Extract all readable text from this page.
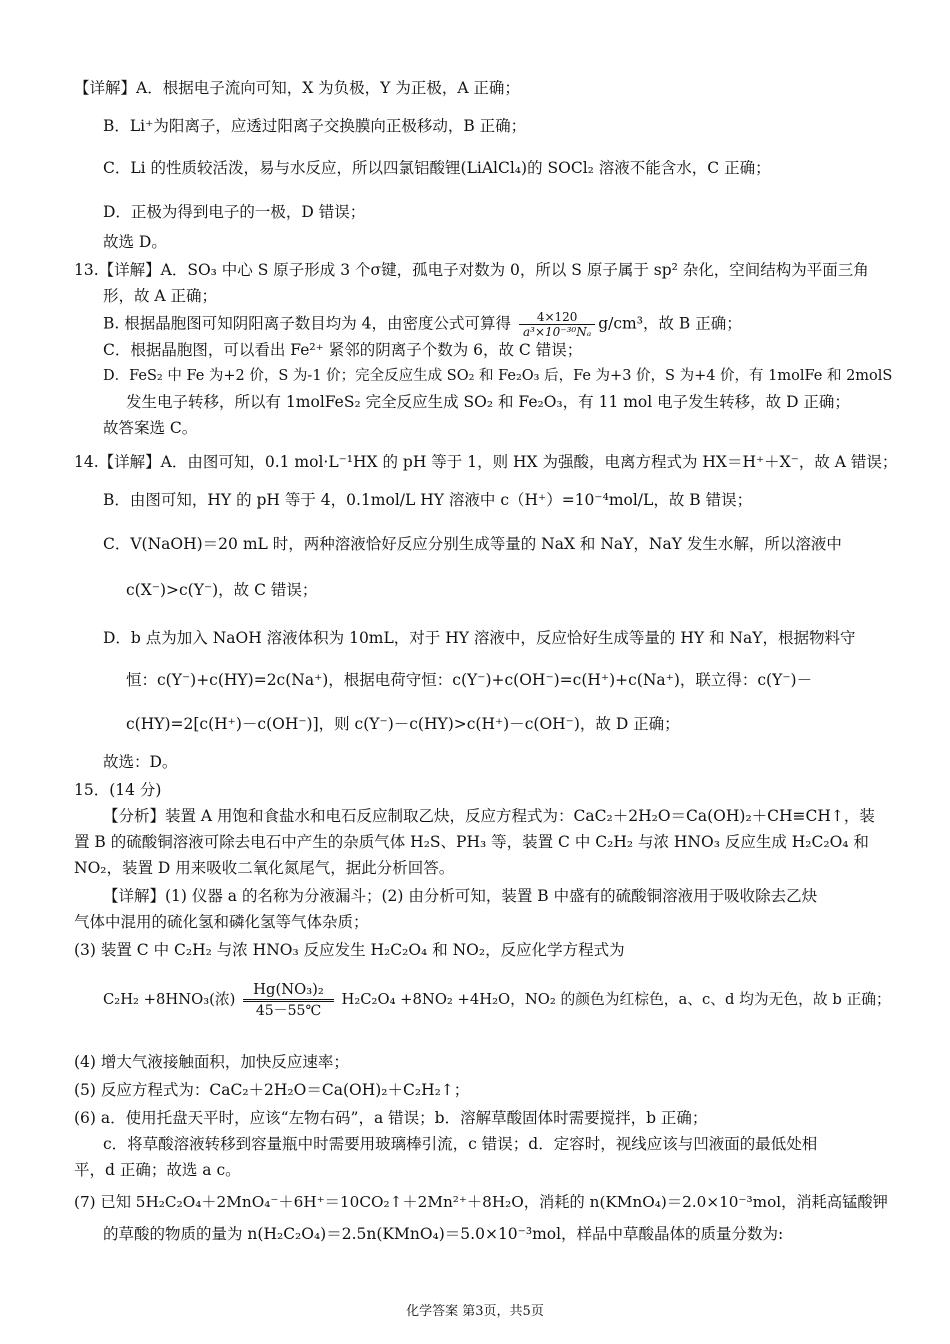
【详解】A．根据电子流向可知，X 为负极，Y 为正极，A 正确；
B．Li⁺为阳离子，应透过阳离子交换膜向正极移动，B 正确；
C．Li 的性质较活泼，易与水反应，所以四氯铝酸锂(LiAlCl₄)的 SOCl₂ 溶液不能含水，C 正确；
D．正极为得到电子的一极，D 错误；
故选 D。
13.【详解】A．SO₃ 中心 S 原子形成 3 个σ键，孤电子对数为 0，所以 S 原子属于 sp² 杂化，空间结构为平面三角
形，故 A 正确；
B. 根据晶胞图可知阴阳离子数目均为 4，由密度公式可算得 $\frac{4\times 120}{\text{a³×10⁻³⁰Nₐ}} g/cm^3$，故 B 正确；
C．根据晶胞图，可以看出 Fe²⁺ 紧邻的阴离子个数为 6，故 C 错误；
D．FeS₂ 中 Fe 为+2 价，S 为-1 价；完全反应生成 SO₂ 和 Fe₂O₃ 后，Fe 为+3 价，S 为+4 价，有 1molFe 和 2molS
发生电子转移，所以有 1molFeS₂ 完全反应生成 SO₂ 和 Fe₂O₃，有 11 mol 电子发生转移，故 D 正确；
故答案选 C。
14.【详解】A．由图可知，0.1 mol·L⁻¹HX 的 pH 等于 1，则 HX 为强酸，电离方程式为 HX＝H⁺＋X⁻，故 A 错误；
B．由图可知，HY 的 pH 等于 4，0.1mol/L HY 溶液中 c（H⁺）=10⁻⁴mol/L，故 B 错误；
C．V(NaOH)＝20 mL 时，两种溶液恰好反应分别生成等量的 NaX 和 NaY，NaY 发生水解，所以溶液中
c(X⁻)>c(Y⁻)，故 C 错误；
D．b 点为加入 NaOH 溶液体积为 10mL，对于 HY 溶液中，反应恰好生成等量的 HY 和 NaY，根据物料守
恒：c(Y⁻)+c(HY)=2c(Na⁺)，根据电荷守恒：c(Y⁻)+c(OH⁻)=c(H⁺)+c(Na⁺)，联立得：c(Y⁻)－
c(HY)=2[c(H⁺)－c(OH⁻)]，则 c(Y⁻)－c(HY)>c(H⁺)－c(OH⁻)，故 D 正确；
故选：D。
15．(14 分)
【分析】装置 A 用饱和食盐水和电石反应制取乙炔，反应方程式为：CaC₂＋2H₂O＝Ca(OH)₂＋CH≡CH↑，装
置 B 的硫酸铜溶液可除去电石中产生的杂质气体 H₂S、PH₃ 等，装置 C 中 C₂H₂ 与浓 HNO₃ 反应生成 H₂C₂O₄ 和
NO₂，装置 D 用来吸收二氧化氮尾气，据此分析回答。
【详解】(1) 仪器 a 的名称为分液漏斗；(2) 由分析可知，装置 B 中盛有的硫酸铜溶液用于吸收除去乙炔
气体中混用的硫化氢和磷化氢等气体杂质；
(3) 装置 C 中 C₂H₂ 与浓 HNO₃ 反应发生 H₂C₂O₄ 和 NO₂，反应化学方程式为
C₂H₂ +8HNO₃(浓) $\frac{\text{Hg(NO₃)₂}}{45-55℃} H_2C_2O_4 +8NO_2 +4H_2O$，NO₂ 的颜色为红棕色，a、c、d 均为无色，故 b 正确；
(4) 增大气液接触面积，加快反应速率；
(5) 反应方程式为：CaC₂＋2H₂O＝Ca(OH)₂＋C₂H₂↑；
(6) a．使用托盘天平时，应该“左物右码”，a 错误；b．溶解草酸固体时需要搅拌，b 正确；
c．将草酸溶液转移到容量瓶中时需要用玻璃棒引流，c 错误；d．定容时，视线应该与凹液面的最低处相
平，d 正确；故选 a c。
(7) 已知 5H₂C₂O₄＋2MnO₄⁻＋6H⁺＝10CO₂↑＋2Mn²⁺＋8H₂O，消耗的 n(KMnO₄)＝2.0×10⁻³mol，消耗高锰酸钾
的草酸的物质的量为 n(H₂C₂O₄)＝2.5n(KMnO₄)＝5.0×10⁻³mol，样品中草酸晶体的质量分数为:
化学答案 第3页，共5页
